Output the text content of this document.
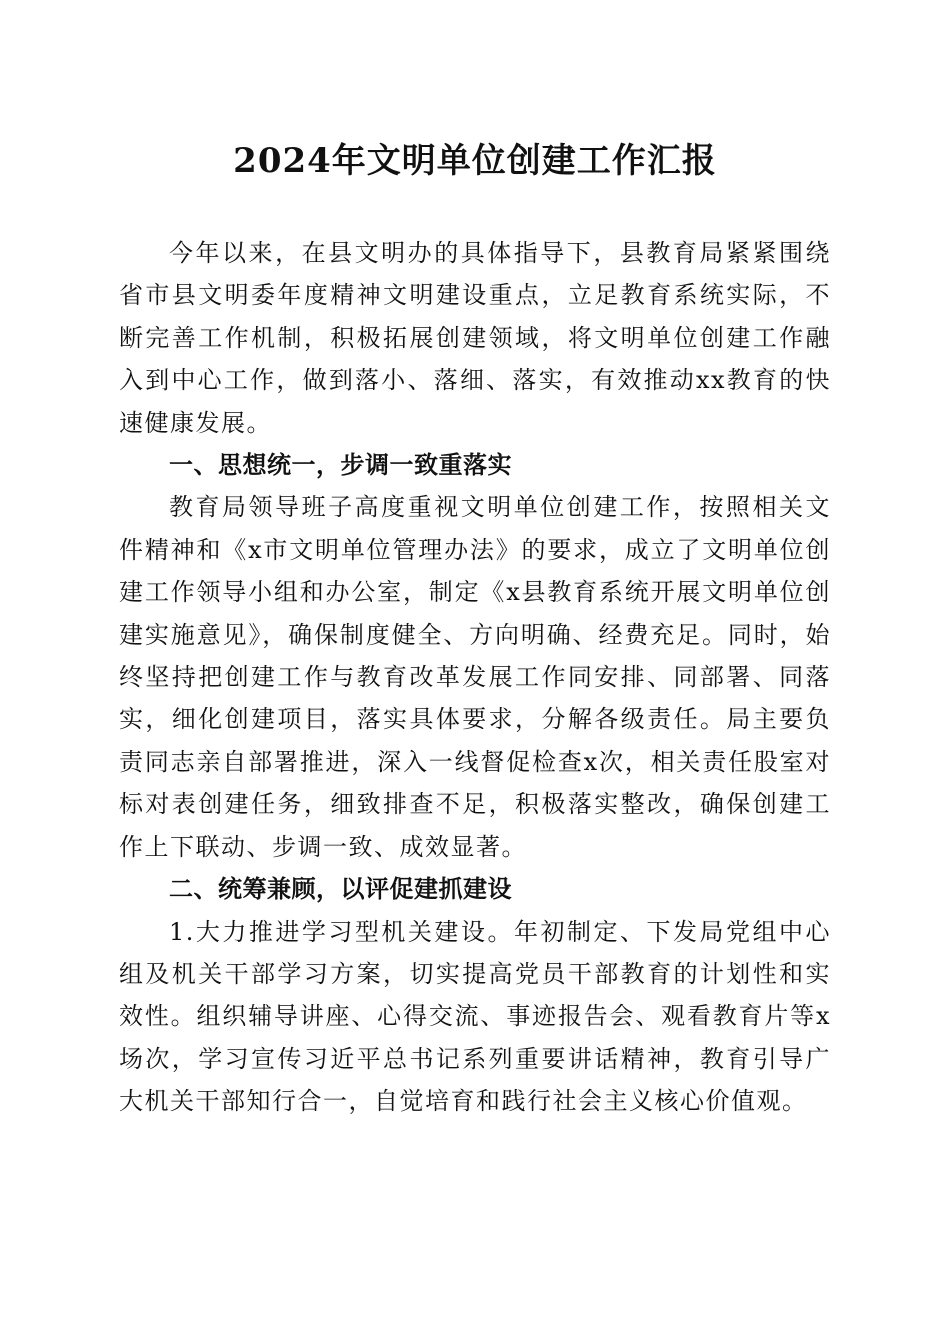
2024年文明单位创建工作汇报

今年以来，在县文明办的具体指导下，县教育局紧紧围绕省市县文明委年度精神文明建设重点，立足教育系统实际，不断完善工作机制，积极拓展创建领域，将文明单位创建工作融入到中心工作，做到落小、落细、落实，有效推动xx教育的快速健康发展。

一、思想统一，步调一致重落实

教育局领导班子高度重视文明单位创建工作，按照相关文件精神和《x市文明单位管理办法》的要求，成立了文明单位创建工作领导小组和办公室，制定《x县教育系统开展文明单位创建实施意见》，确保制度健全、方向明确、经费充足。同时，始终坚持把创建工作与教育改革发展工作同安排、同部署、同落实，细化创建项目，落实具体要求，分解各级责任。局主要负责同志亲自部署推进，深入一线督促检查x次，相关责任股室对标对表创建任务，细致排查不足，积极落实整改，确保创建工作上下联动、步调一致、成效显著。

二、统筹兼顾，以评促建抓建设

1.大力推进学习型机关建设。年初制定、下发局党组中心组及机关干部学习方案，切实提高党员干部教育的计划性和实效性。组织辅导讲座、心得交流、事迹报告会、观看教育片等x场次，学习宣传习近平总书记系列重要讲话精神，教育引导广大机关干部知行合一，自觉培育和践行社会主义核心价值观。
